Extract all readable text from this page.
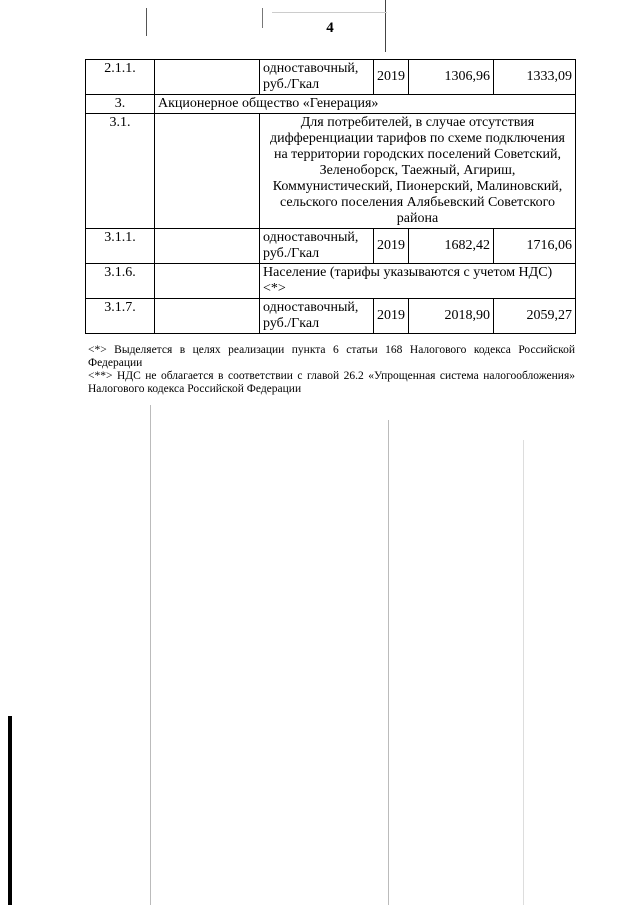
4
2.1.1.		одноставочный, руб./Гкал	2019	1306,96	1333,09
3.	Акционерное общество «Генерация»				
3.1.		Для потребителей, в случае отсутствия дифференциации тарифов по схеме подключения на территории городских поселений Советский, Зеленоборск, Таежный, Агириш, Коммунистический, Пионерский, Малиновский, сельского поселения Алябьевский Советского района			
3.1.1.		одноставочный, руб./Гкал	2019	1682,42	1716,06
3.1.6.		Население (тарифы указываются с учетом НДС) <*>			
3.1.7.		одноставочный, руб./Гкал	2019	2018,90	2059,27

<*> Выделяется в целях реализации пункта 6 статьи 168 Налогового кодекса Российской Федерации

<**> НДС не облагается в соответствии с главой 26.2 «Упрощенная система налогообложения» Налогового кодекса Российской Федерации
